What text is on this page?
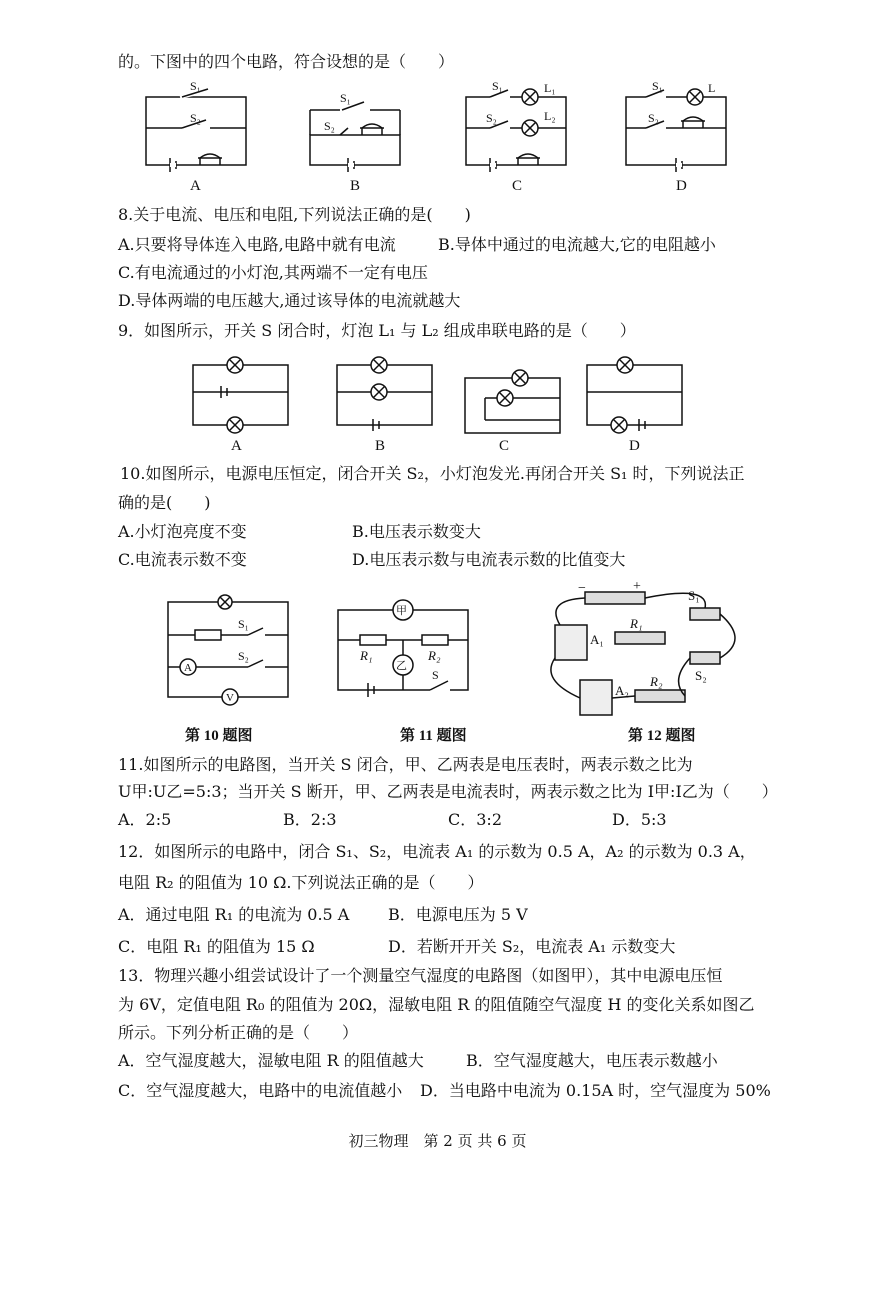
的。下图中的四个电路，符合设想的是（　　）
A
S₁
S₂
B
S₁
S₂
C
S₁
S₂
L₁
L₂
D
S₁
S₂
L
8.关于电流、电压和电阻,下列说法正确的是(　　)
A.只要将导体连入电路,电路中就有电流	B.导体中通过的电流越大,它的电阻越小
C.有电流通过的小灯泡,其两端不一定有电压
D.导体两端的电压越大,通过该导体的电流就越大
9．如图所示，开关 S 闭合时，灯泡 L₁ 与 L₂ 组成串联电路的是（　　）
A	B	C	D
10.如图所示，电源电压恒定，闭合开关 S₂，小灯泡发光.再闭合开关 S₁ 时，下列说法正
确的是(　　)
A.小灯泡亮度不变	B.电压表示数变大
C.电流表示数不变	D.电压表示数与电流表示数的比值变大
A
V
S₁
S₂
第 10 题图
甲
乙
R₁	R₂
S
第 11 题图
−	+
A₁
R₁
S₁
S₂
A₂
R₂
第 12 题图
11.如图所示的电路图，当开关 S 闭合，甲、乙两表是电压表时，两表示数之比为
U甲:U乙=5:3；当开关 S 断开，甲、乙两表是电流表时，两表示数之比为 I甲:I乙为（　　）
A．2:5	B．2:3	C．3:2	D．5:3
12．如图所示的电路中，闭合 S₁、S₂，电流表 A₁ 的示数为 0.5 A，A₂ 的示数为 0.3 A，
电阻 R₂ 的阻值为 10 Ω.下列说法正确的是（　　）
A．通过电阻 R₁ 的电流为 0.5 A B．电源电压为 5 V
C．电阻 R₁ 的阻值为 15 Ω	D．若断开开关 S₂，电流表 A₁ 示数变大
13．物理兴趣小组尝试设计了一个测量空气湿度的电路图（如图甲），其中电源电压恒
为 6V，定值电阻 R₀ 的阻值为 20Ω，湿敏电阻 R 的阻值随空气湿度 H 的变化关系如图乙
所示。下列分析正确的是（　　）
A．空气湿度越大，湿敏电阻 R 的阻值越大	B．空气湿度越大，电压表示数越小
C．空气湿度越大，电路中的电流值越小 D．当电路中电流为 0.15A 时，空气湿度为 50%
初三物理　第 2 页 共 6 页
